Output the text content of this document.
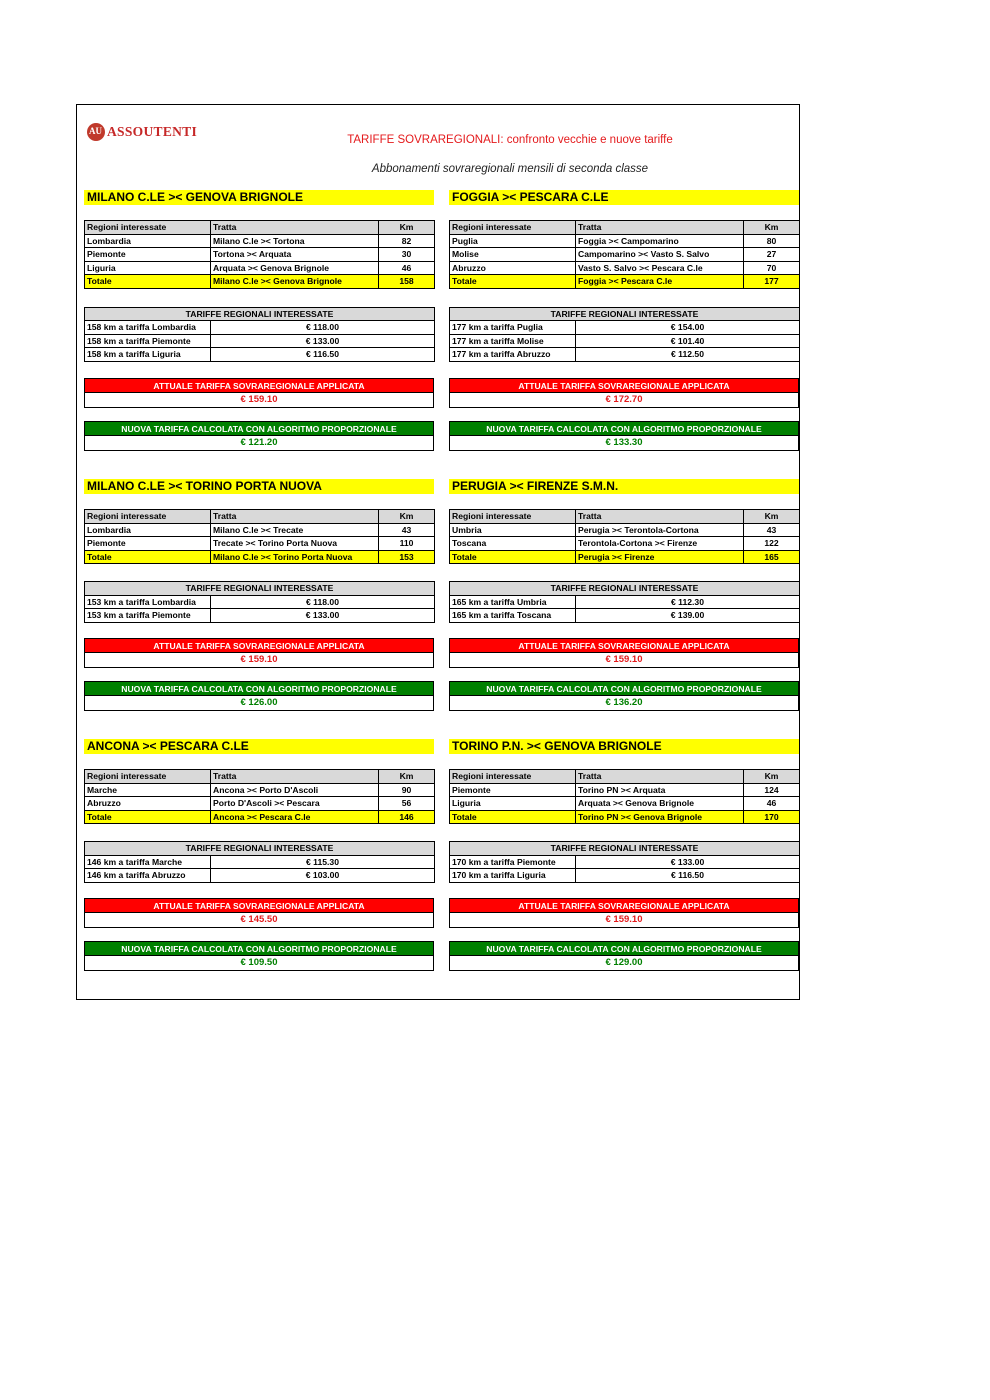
AU ASSOUTENTI
TARIFFE SOVRAREGIONALI: confronto vecchie e nuove tariffe
Abbonamenti sovraregionali mensili di seconda classe
MILANO C.LE >< GENOVA BRIGNOLE
Regioni interessate	Tratta	Km
Lombardia	Milano C.le >< Tortona	82
Piemonte	Tortona >< Arquata	30
Liguria	Arquata >< Genova Brignole	46
Totale	Milano C.le >< Genova Brignole	158
TARIFFE REGIONALI INTERESSATE	
158 km a tariffa Lombardia	€ 118.00
158 km a tariffa Piemonte	€ 133.00
158 km a tariffa Liguria	€ 116.50
ATTUALE TARIFFA SOVRAREGIONALE APPLICATA
€ 159.10
NUOVA TARIFFA CALCOLATA CON ALGORITMO PROPORZIONALE
€ 121.20
FOGGIA >< PESCARA C.LE
Regioni interessate	Tratta	Km
Puglia	Foggia >< Campomarino	80
Molise	Campomarino >< Vasto S. Salvo	27
Abruzzo	Vasto S. Salvo >< Pescara C.le	70
Totale	Foggia >< Pescara C.le	177
TARIFFE REGIONALI INTERESSATE	
177 km a tariffa Puglia	€ 154.00
177 km a tariffa Molise	€ 101.40
177 km a tariffa Abruzzo	€ 112.50
ATTUALE TARIFFA SOVRAREGIONALE APPLICATA
€ 172.70
NUOVA TARIFFA CALCOLATA CON ALGORITMO PROPORZIONALE
€ 133.30
MILANO C.LE >< TORINO PORTA NUOVA
Regioni interessate	Tratta	Km
Lombardia	Milano C.le >< Trecate	43
Piemonte	Trecate >< Torino Porta Nuova	110
Totale	Milano C.le >< Torino Porta Nuova	153
TARIFFE REGIONALI INTERESSATE	
153 km a tariffa Lombardia	€ 118.00
153 km a tariffa Piemonte	€ 133.00
ATTUALE TARIFFA SOVRAREGIONALE APPLICATA
€ 159.10
NUOVA TARIFFA CALCOLATA CON ALGORITMO PROPORZIONALE
€ 126.00
PERUGIA >< FIRENZE S.M.N.
Regioni interessate	Tratta	Km
Umbria	Perugia >< Terontola-Cortona	43
Toscana	Terontola-Cortona >< Firenze	122
Totale	Perugia >< Firenze	165
TARIFFE REGIONALI INTERESSATE	
165 km a tariffa Umbria	€ 112.30
165 km a tariffa Toscana	€ 139.00
ATTUALE TARIFFA SOVRAREGIONALE APPLICATA
€ 159.10
NUOVA TARIFFA CALCOLATA CON ALGORITMO PROPORZIONALE
€ 136.20
ANCONA >< PESCARA C.LE
Regioni interessate	Tratta	Km
Marche	Ancona >< Porto D'Ascoli	90
Abruzzo	Porto D'Ascoli >< Pescara	56
Totale	Ancona >< Pescara C.le	146
TARIFFE REGIONALI INTERESSATE	
146 km a tariffa Marche	€ 115.30
146 km a tariffa Abruzzo	€ 103.00
ATTUALE TARIFFA SOVRAREGIONALE APPLICATA
€ 145.50
NUOVA TARIFFA CALCOLATA CON ALGORITMO PROPORZIONALE
€ 109.50
TORINO P.N. >< GENOVA BRIGNOLE
Regioni interessate	Tratta	Km
Piemonte	Torino PN >< Arquata	124
Liguria	Arquata >< Genova Brignole	46
Totale	Torino PN >< Genova Brignole	170
TARIFFE REGIONALI INTERESSATE	
170 km a tariffa Piemonte	€ 133.00
170 km a tariffa Liguria	€ 116.50
ATTUALE TARIFFA SOVRAREGIONALE APPLICATA
€ 159.10
NUOVA TARIFFA CALCOLATA CON ALGORITMO PROPORZIONALE
€ 129.00
